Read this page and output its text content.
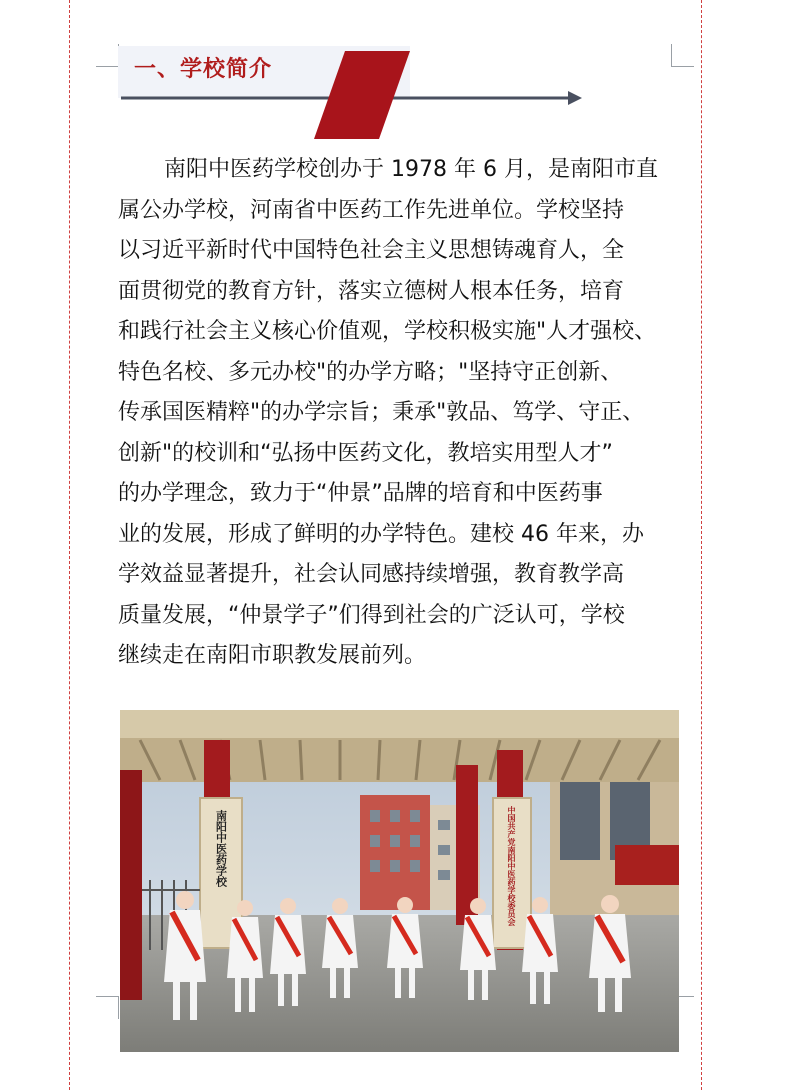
一、学校简介
南阳中医药学校创办于 1978 年 6 月，是南阳市直
属公办学校，河南省中医药工作先进单位。学校坚持
以习近平新时代中国特色社会主义思想铸魂育人，全
面贯彻党的教育方针，落实立德树人根本任务，培育
和践行社会主义核心价值观，学校积极实施"人才强校、
特色名校、多元办校"的办学方略；"坚持守正创新、
传承国医精粹"的办学宗旨；秉承"敦品、笃学、守正、
创新"的校训和“弘扬中医药文化，教培实用型人才”
的办学理念，致力于“仲景”品牌的培育和中医药事
业的发展，形成了鲜明的办学特色。建校 46 年来，办
学效益显著提升，社会认同感持续增强，教育教学高
质量发展，“仲景学子”们得到社会的广泛认可，学校
继续走在南阳市职教发展前列。
南阳中医药学校	中国共产党南阳中医药学校委员会
